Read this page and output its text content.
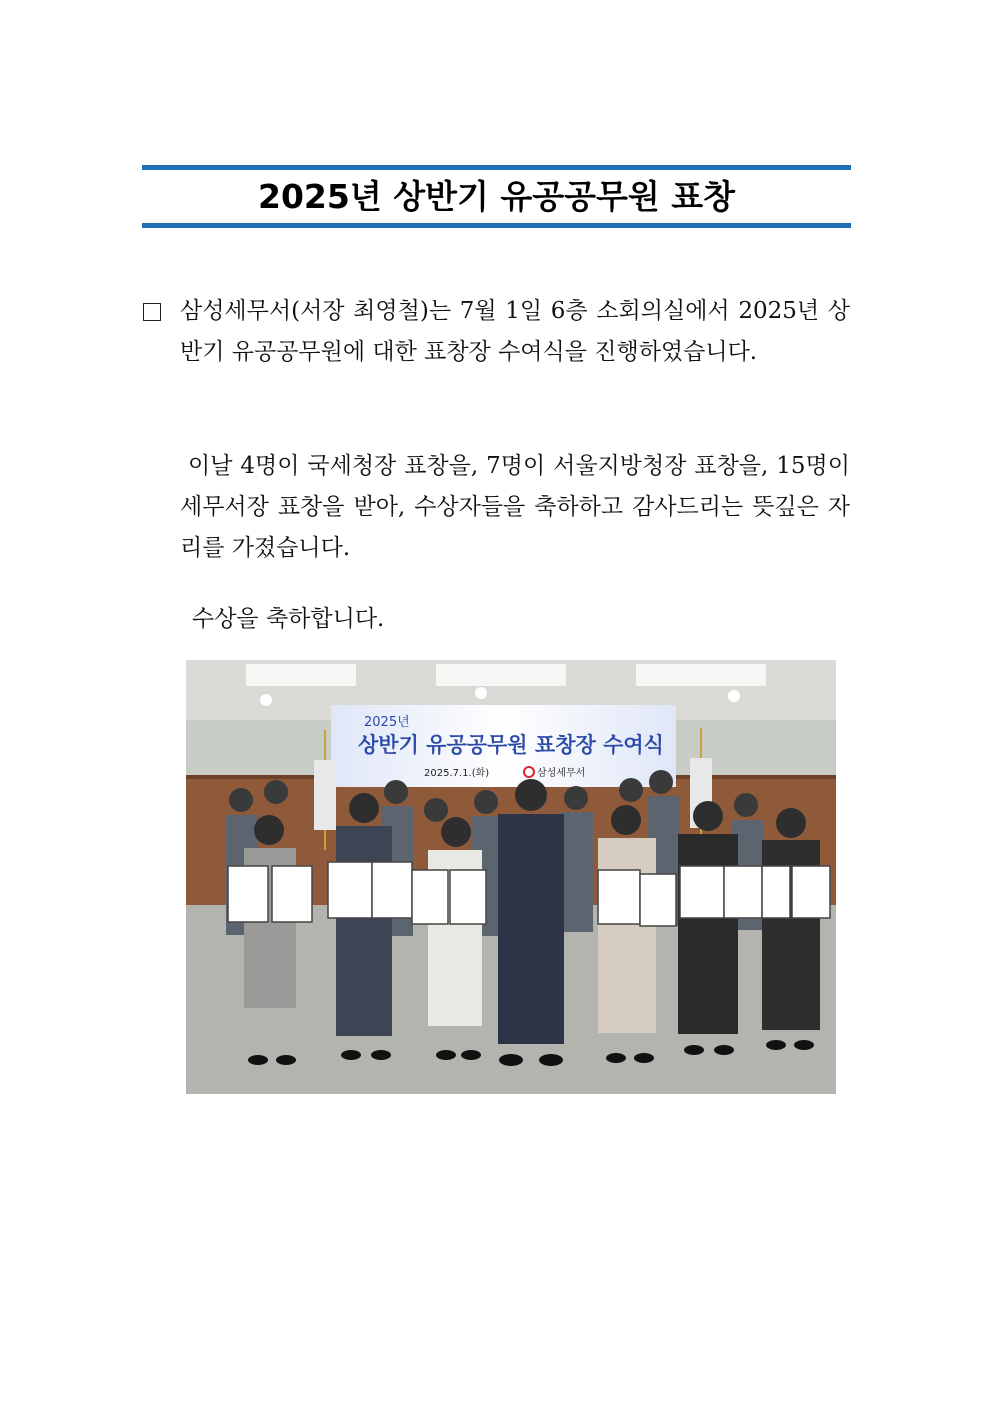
2025년 상반기 유공공무원 표창
삼성세무서(서장 최영철)는 7월 1일 6층 소회의실에서 2025년 상반기 유공공무원에 대한 표창장 수여식을 진행하였습니다.
이날 4명이 국세청장 표창을, 7명이 서울지방청장 표창을, 15명이 세무서장 표창을 받아, 수상자들을 축하하고 감사드리는 뜻깊은 자리를 가졌습니다.
수상을 축하합니다.
2025년
상반기 유공공무원 표창장 수여식
2025.7.1.(화)	삼성세무서
